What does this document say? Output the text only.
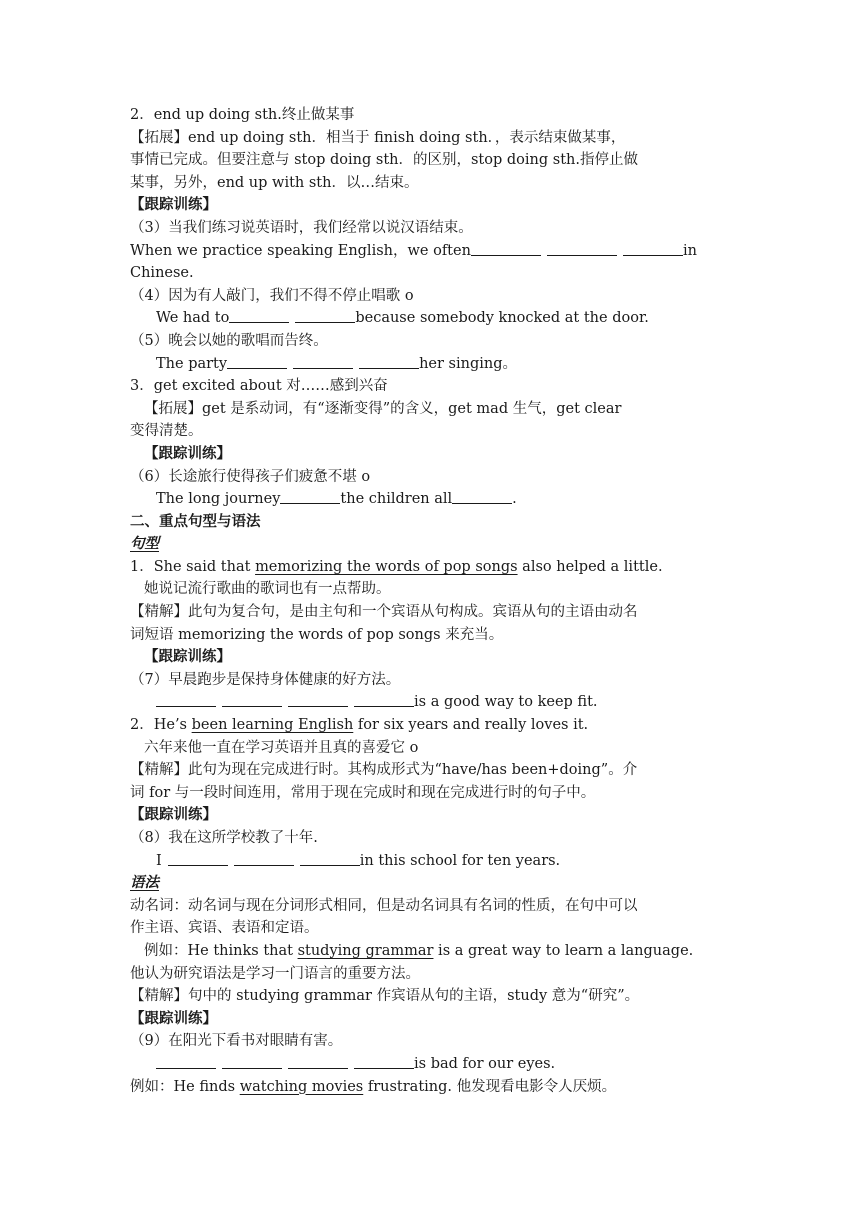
2．end up doing sth.终止做某事
【拓展】end up doing sth．相当于 finish doing sth．，表示结束做某事，
事情已完成。但要注意与 stop doing sth．的区别，stop doing sth.指停止做
某事，另外，end up with sth．以…结束。
【跟踪训练】
（3）当我们练习说英语时，我们经常以说汉语结束。
When we practice speaking English，we often	in
Chinese.
（4）因为有人敲门，我们不得不停止唱歌 o
We had to	because somebody knocked at the door.
（5）晚会以她的歌唱而告终。
The party	her singing。
3．get excited about 对……感到兴奋
【拓展】get 是系动词，有“逐渐变得”的含义，get mad 生气，get clear
变得清楚。
【跟踪训练】
（6）长途旅行使得孩子们疲惫不堪 o
The long journey	the children all	.
二、重点句型与语法
句型
1．She said that memorizing the words of pop songs also helped a little.
她说记流行歌曲的歌词也有一点帮助。
【精解】此句为复合句，是由主句和一个宾语从句构成。宾语从句的主语由动名
词短语 memorizing the words of pop songs 来充当。
【跟踪训练】
（7）早晨跑步是保持身体健康的好方法。
is a good way to keep fit.
2．He’s been learning English for six years and really loves it.
六年来他一直在学习英语并且真的喜爱它 o
【精解】此句为现在完成进行时。其构成形式为“have/has been+doing”。介
词 for 与一段时间连用，常用于现在完成时和现在完成进行时的句子中。
【跟踪训练】
（8）我在这所学校教了十年.
I	in this school for ten years.
语法
动名词：动名词与现在分词形式相同，但是动名词具有名词的性质，在句中可以
作主语、宾语、表语和定语。
例如：He thinks that studying grammar is a great way to learn a language.
他认为研究语法是学习一门语言的重要方法。
【精解】句中的 studying grammar 作宾语从句的主语，study 意为“研究”。
【跟踪训练】
（9）在阳光下看书对眼睛有害。
is bad for our eyes.
例如：He finds watching movies frustrating. 他发现看电影令人厌烦。
